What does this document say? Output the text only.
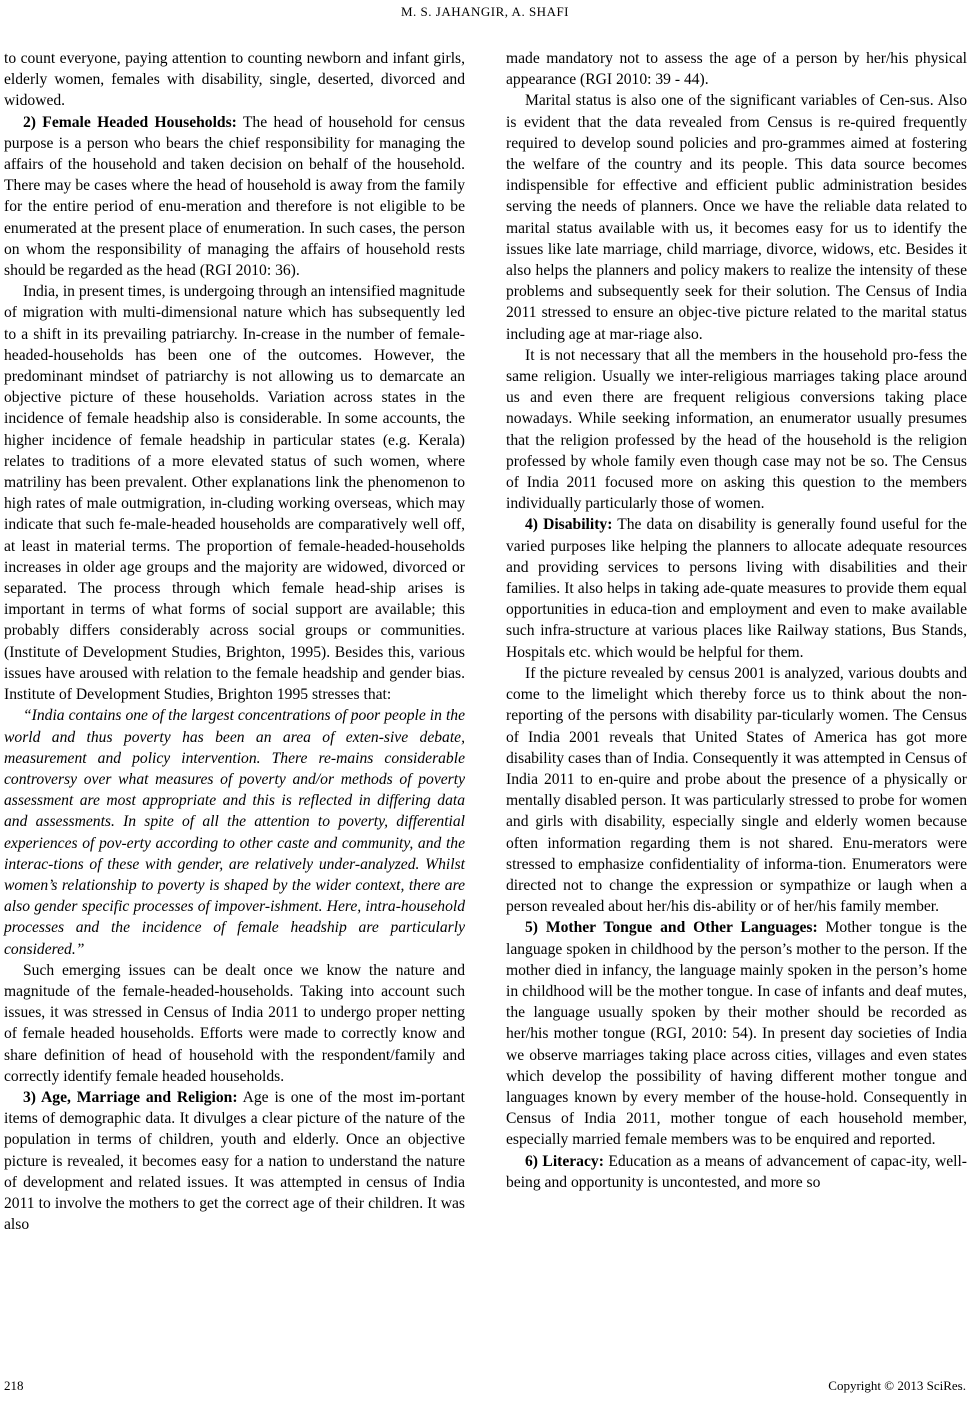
M. S. JAHANGIR, A. SHAFI

to count everyone, paying attention to counting newborn and infant girls, elderly women, females with disability, single, deserted, divorced and widowed.

2) Female Headed Households: The head of household for census purpose is a person who bears the chief responsibility for managing the affairs of the household and taken decision on behalf of the household. There may be cases where the head of household is away from the family for the entire period of enu-meration and therefore is not eligible to be enumerated at the present place of enumeration. In such cases, the person on whom the responsibility of managing the affairs of household rests should be regarded as the head (RGI 2010: 36).

India, in present times, is undergoing through an intensified magnitude of migration with multi-dimensional nature which has subsequently led to a shift in its prevailing patriarchy. In-crease in the number of female-headed-households has been one of the outcomes. However, the predominant mindset of patriarchy is not allowing us to demarcate an objective picture of these households. Variation across states in the incidence of female headship also is considerable. In some accounts, the higher incidence of female headship in particular states (e.g. Kerala) relates to traditions of a more elevated status of such women, where matriliny has been prevalent. Other explanations link the phenomenon to high rates of male outmigration, in-cluding working overseas, which may indicate that such fe-male-headed households are comparatively well off, at least in material terms. The proportion of female-headed-households increases in older age groups and the majority are widowed, divorced or separated. The process through which female head-ship arises is important in terms of what forms of social support are available; this probably differs considerably across social groups or communities. (Institute of Development Studies, Brighton, 1995). Besides this, various issues have aroused with relation to the female headship and gender bias. Institute of Development Studies, Brighton 1995 stresses that:

“India contains one of the largest concentrations of poor people in the world and thus poverty has been an area of exten-sive debate, measurement and policy intervention. There re-mains considerable controversy over what measures of poverty and/or methods of poverty assessment are most appropriate and this is reflected in differing data and assessments. In spite of all the attention to poverty, differential experiences of pov-erty according to other caste and community, and the interac-tions of these with gender, are relatively under-analyzed. Whilst women’s relationship to poverty is shaped by the wider context, there are also gender specific processes of impover-ishment. Here, intra-household processes and the incidence of female headship are particularly considered.”

Such emerging issues can be dealt once we know the nature and magnitude of the female-headed-households. Taking into account such issues, it was stressed in Census of India 2011 to undergo proper netting of female headed households. Efforts were made to correctly know and share definition of head of household with the respondent/family and correctly identify female headed households.

3) Age, Marriage and Religion: Age is one of the most im-portant items of demographic data. It divulges a clear picture of the nature of the population in terms of children, youth and elderly. Once an objective picture is revealed, it becomes easy for a nation to understand the nature of development and related issues. It was attempted in census of India 2011 to involve the mothers to get the correct age of their children. It was also

made mandatory not to assess the age of a person by her/his physical appearance (RGI 2010: 39 - 44).

Marital status is also one of the significant variables of Cen-sus. Also is evident that the data revealed from Census is re-quired frequently required to develop sound policies and pro-grammes aimed at fostering the welfare of the country and its people. This data source becomes indispensible for effective and efficient public administration besides serving the needs of planners. Once we have the reliable data related to marital status available with us, it becomes easy for us to identify the issues like late marriage, child marriage, divorce, widows, etc. Besides it also helps the planners and policy makers to realize the intensity of these problems and subsequently seek for their solution. The Census of India 2011 stressed to ensure an objec-tive picture related to the marital status including age at mar-riage also.

It is not necessary that all the members in the household pro-fess the same religion. Usually we inter-religious marriages taking place around us and even there are frequent religious conversions taking place nowadays. While seeking information, an enumerator usually presumes that the religion professed by the head of the household is the religion professed by whole family even though case may not be so. The Census of India 2011 focused more on asking this question to the members individually particularly those of women.

4) Disability: The data on disability is generally found useful for the varied purposes like helping the planners to allocate adequate resources and providing services to persons living with disabilities and their families. It also helps in taking ade-quate measures to provide them equal opportunities in educa-tion and employment and even to make available such infra-structure at various places like Railway stations, Bus Stands, Hospitals etc. which would be helpful for them.

If the picture revealed by census 2001 is analyzed, various doubts and come to the limelight which thereby force us to think about the non-reporting of the persons with disability par-ticularly women. The Census of India 2001 reveals that United States of America has got more disability cases than of India. Consequently it was attempted in Census of India 2011 to en-quire and probe about the presence of a physically or mentally disabled person. It was particularly stressed to probe for women and girls with disability, especially single and elderly women because often information regarding them is not shared. Enu-merators were stressed to emphasize confidentiality of informa-tion. Enumerators were directed not to change the expression or sympathize or laugh when a person revealed about her/his dis-ability or of her/his family member.

5) Mother Tongue and Other Languages: Mother tongue is the language spoken in childhood by the person’s mother to the person. If the mother died in infancy, the language mainly spoken in the person’s home in childhood will be the mother tongue. In case of infants and deaf mutes, the language usually spoken by their mother should be recorded as her/his mother tongue (RGI, 2010: 54). In present day societies of India we observe marriages taking place across cities, villages and even states which develop the possibility of having different mother tongue and languages known by every member of the house-hold. Consequently in Census of India 2011, mother tongue of each household member, especially married female members was to be enquired and reported.

6) Literacy: Education as a means of advancement of capac-ity, well-being and opportunity is uncontested, and more so

218	Copyright © 2013 SciRes.
